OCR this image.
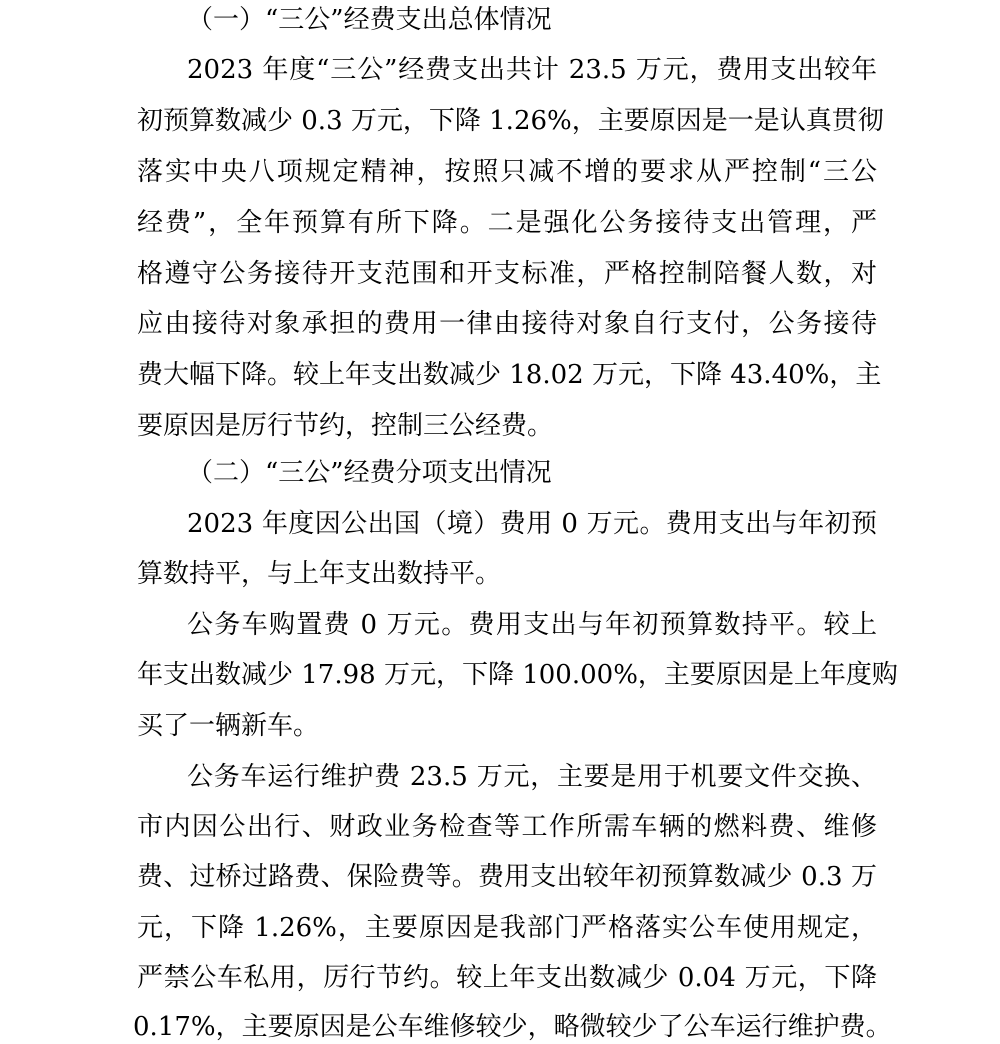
（一）“三公”经费支出总体情况
2023 年度“三公”经费支出共计 23.5 万元，费用支出较年
初预算数减少 0.3 万元，下降 1.26%，主要原因是一是认真贯彻
落实中央八项规定精神，按照只减不增的要求从严控制“三公
经费”，全年预算有所下降。二是强化公务接待支出管理，严
格遵守公务接待开支范围和开支标准，严格控制陪餐人数，对
应由接待对象承担的费用一律由接待对象自行支付，公务接待
费大幅下降。较上年支出数减少 18.02 万元，下降 43.40%，主
要原因是厉行节约，控制三公经费。
（二）“三公”经费分项支出情况
2023 年度因公出国（境）费用 0 万元。费用支出与年初预
算数持平，与上年支出数持平。
公务车购置费 0 万元。费用支出与年初预算数持平。较上
年支出数减少 17.98 万元，下降 100.00%，主要原因是上年度购
买了一辆新车。
公务车运行维护费 23.5 万元，主要是用于机要文件交换、
市内因公出行、财政业务检查等工作所需车辆的燃料费、维修
费、过桥过路费、保险费等。费用支出较年初预算数减少 0.3 万
元，下降 1.26%，主要原因是我部门严格落实公车使用规定，
严禁公车私用，厉行节约。较上年支出数减少 0.04 万元，下降
0.17%，主要原因是公车维修较少，略微较少了公车运行维护费。
